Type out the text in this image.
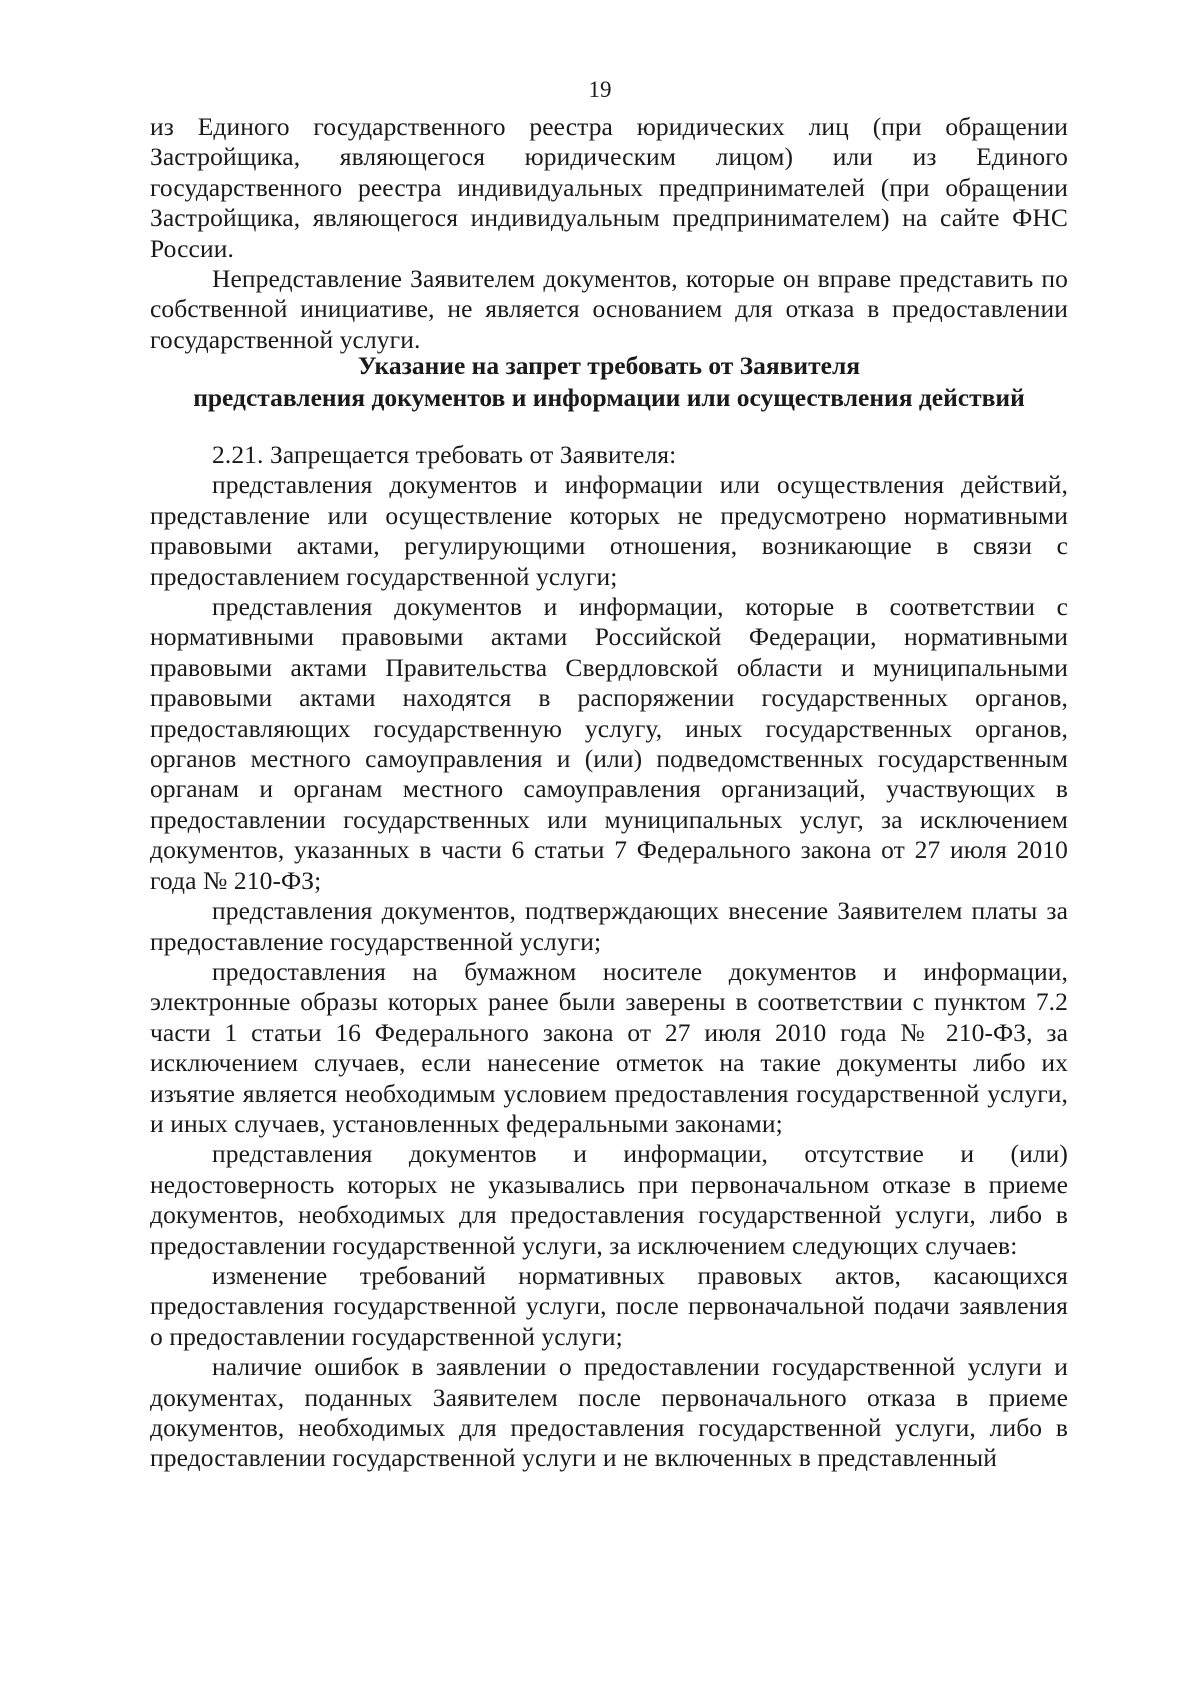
19

из Единого государственного реестра юридических лиц (при обращении Застройщика, являющегося юридическим лицом) или из Единого государственного реестра индивидуальных предпринимателей (при обращении Застройщика, являющегося индивидуальным предпринимателем) на сайте ФНС России.

Непредставление Заявителем документов, которые он вправе представить по собственной инициативе, не является основанием для отказа в предоставлении государственной услуги.

Указание на запрет требовать от Заявителя
представления документов и информации или осуществления действий

2.21. Запрещается требовать от Заявителя:

представления документов и информации или осуществления действий, представление или осуществление которых не предусмотрено нормативными правовыми актами, регулирующими отношения, возникающие в связи с предоставлением государственной услуги;

представления документов и информации, которые в соответствии с нормативными правовыми актами Российской Федерации, нормативными правовыми актами Правительства Свердловской области и муниципальными правовыми актами находятся в распоряжении государственных органов, предоставляющих государственную услугу, иных государственных органов, органов местного самоуправления и (или) подведомственных государственным органам и органам местного самоуправления организаций, участвующих в предоставлении государственных или муниципальных услуг, за исключением документов, указанных в части 6 статьи 7 Федерального закона от 27 июля 2010 года № 210-ФЗ;

представления документов, подтверждающих внесение Заявителем платы за предоставление государственной услуги;

предоставления на бумажном носителе документов и информации, электронные образы которых ранее были заверены в соответствии с пунктом 7.2 части 1 статьи 16 Федерального закона от 27 июля 2010 года № 210-ФЗ, за исключением случаев, если нанесение отметок на такие документы либо их изъятие является необходимым условием предоставления государственной услуги, и иных случаев, установленных федеральными законами;

представления документов и информации, отсутствие и (или) недостоверность которых не указывались при первоначальном отказе в приеме документов, необходимых для предоставления государственной услуги, либо в предоставлении государственной услуги, за исключением следующих случаев:

изменение требований нормативных правовых актов, касающихся предоставления государственной услуги, после первоначальной подачи заявления о предоставлении государственной услуги;

наличие ошибок в заявлении о предоставлении государственной услуги и документах, поданных Заявителем после первоначального отказа в приеме документов, необходимых для предоставления государственной услуги, либо в предоставлении государственной услуги и не включенных в представленный
